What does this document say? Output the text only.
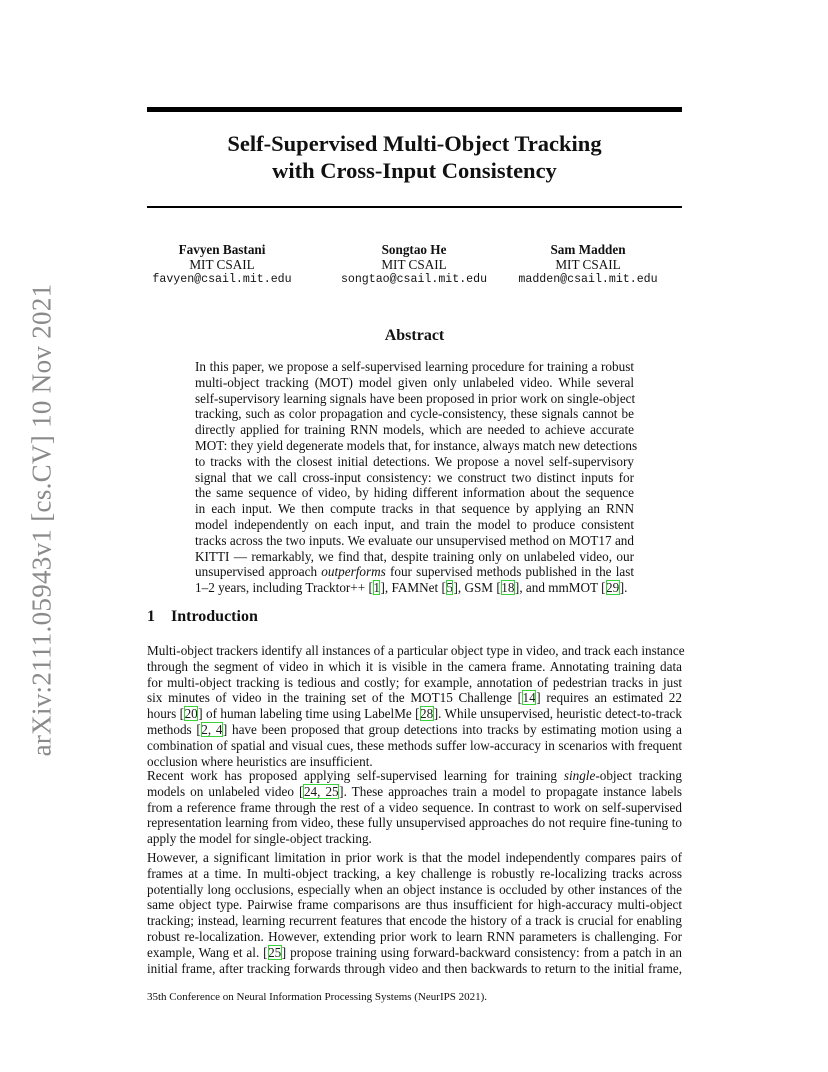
arXiv:2111.05943v1 [cs.CV] 10 Nov 2021
Self-Supervised Multi-Object Tracking
with Cross-Input Consistency
Favyen Bastani
MIT CSAIL
favyen@csail.mit.edu
Songtao He
MIT CSAIL
songtao@csail.mit.edu
Sam Madden
MIT CSAIL
madden@csail.mit.edu
Abstract
In this paper, we propose a self-supervised learning procedure for training a robust
multi-object tracking (MOT) model given only unlabeled video. While several
self-supervisory learning signals have been proposed in prior work on single-object
tracking, such as color propagation and cycle-consistency, these signals cannot be
directly applied for training RNN models, which are needed to achieve accurate
MOT: they yield degenerate models that, for instance, always match new detections
to tracks with the closest initial detections. We propose a novel self-supervisory
signal that we call cross-input consistency: we construct two distinct inputs for
the same sequence of video, by hiding different information about the sequence
in each input. We then compute tracks in that sequence by applying an RNN
model independently on each input, and train the model to produce consistent
tracks across the two inputs. We evaluate our unsupervised method on MOT17 and
KITTI — remarkably, we find that, despite training only on unlabeled video, our
unsupervised approach outperforms four supervised methods published in the last
1–2 years, including Tracktor++ [1], FAMNet [5], GSM [18], and mmMOT [29].
1 Introduction
Multi-object trackers identify all instances of a particular object type in video, and track each instance
through the segment of video in which it is visible in the camera frame. Annotating training data
for multi-object tracking is tedious and costly; for example, annotation of pedestrian tracks in just
six minutes of video in the training set of the MOT15 Challenge [14] requires an estimated 22
hours [20] of human labeling time using LabelMe [28]. While unsupervised, heuristic detect-to-track
methods [2, 4] have been proposed that group detections into tracks by estimating motion using a
combination of spatial and visual cues, these methods suffer low-accuracy in scenarios with frequent
occlusion where heuristics are insufficient.
Recent work has proposed applying self-supervised learning for training single-object tracking
models on unlabeled video [24, 25]. These approaches train a model to propagate instance labels
from a reference frame through the rest of a video sequence. In contrast to work on self-supervised
representation learning from video, these fully unsupervised approaches do not require fine-tuning to
apply the model for single-object tracking.
However, a significant limitation in prior work is that the model independently compares pairs of
frames at a time. In multi-object tracking, a key challenge is robustly re-localizing tracks across
potentially long occlusions, especially when an object instance is occluded by other instances of the
same object type. Pairwise frame comparisons are thus insufficient for high-accuracy multi-object
tracking; instead, learning recurrent features that encode the history of a track is crucial for enabling
robust re-localization. However, extending prior work to learn RNN parameters is challenging. For
example, Wang et al. [25] propose training using forward-backward consistency: from a patch in an
initial frame, after tracking forwards through video and then backwards to return to the initial frame,
35th Conference on Neural Information Processing Systems (NeurIPS 2021).
